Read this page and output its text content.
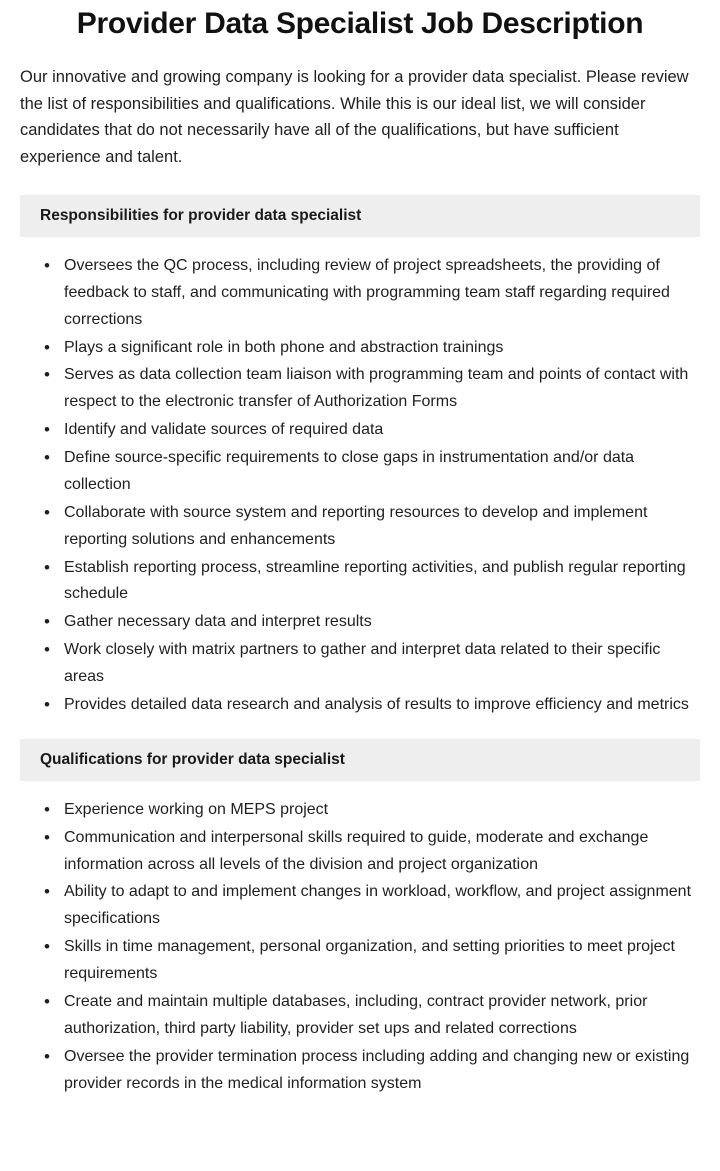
Provider Data Specialist Job Description

Our innovative and growing company is looking for a provider data specialist. Please review the list of responsibilities and qualifications. While this is our ideal list, we will consider candidates that do not necessarily have all of the qualifications, but have sufficient experience and talent.

Responsibilities for provider data specialist
• Oversees the QC process, including review of project spreadsheets, the providing of feedback to staff, and communicating with programming team staff regarding required corrections
• Plays a significant role in both phone and abstraction trainings
• Serves as data collection team liaison with programming team and points of contact with respect to the electronic transfer of Authorization Forms
• Identify and validate sources of required data
• Define source-specific requirements to close gaps in instrumentation and/or data collection
• Collaborate with source system and reporting resources to develop and implement reporting solutions and enhancements
• Establish reporting process, streamline reporting activities, and publish regular reporting schedule
• Gather necessary data and interpret results
• Work closely with matrix partners to gather and interpret data related to their specific areas
• Provides detailed data research and analysis of results to improve efficiency and metrics
Qualifications for provider data specialist
• Experience working on MEPS project
• Communication and interpersonal skills required to guide, moderate and exchange information across all levels of the division and project organization
• Ability to adapt to and implement changes in workload, workflow, and project assignment specifications
• Skills in time management, personal organization, and setting priorities to meet project requirements
• Create and maintain multiple databases, including, contract provider network, prior authorization, third party liability, provider set ups and related corrections
• Oversee the provider termination process including adding and changing new or existing provider records in the medical information system
